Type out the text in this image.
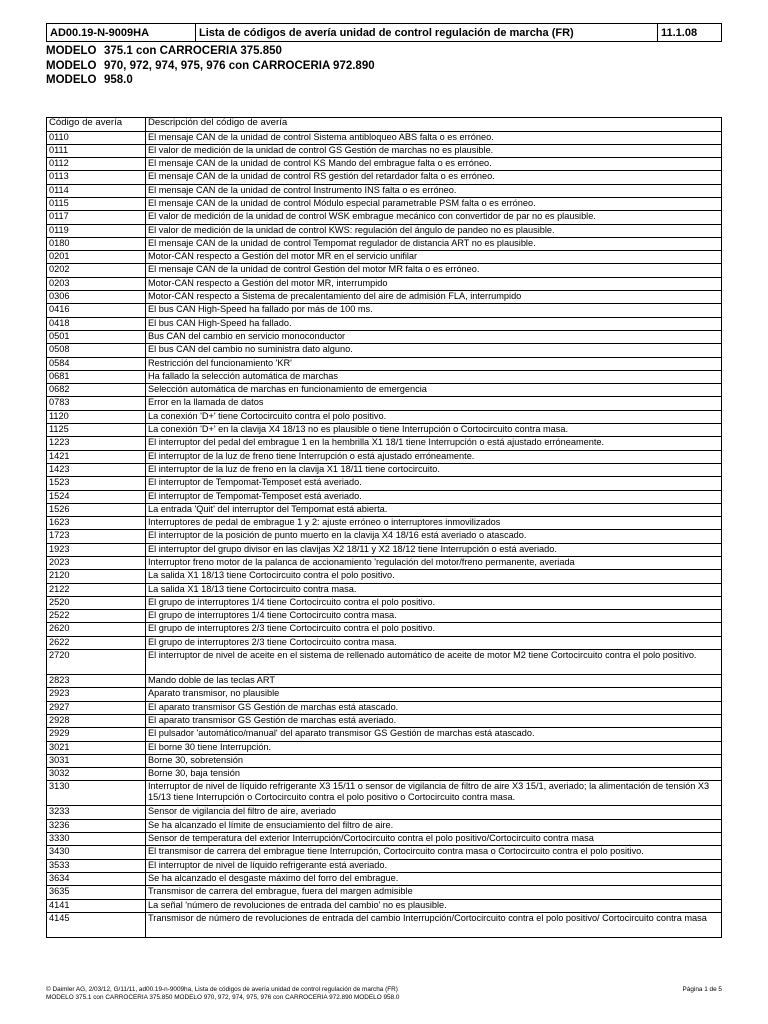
AD00.19-N-9009HA	Lista de códigos de avería unidad de control regulación de marcha (FR)	11.1.08
MODELO 375.1 con CARROCERIA 375.850
MODELO 970, 972, 974, 975, 976 con CARROCERIA 972.890
MODELO 958.0
Código de avería	Descripción del código de avería
0110	El mensaje CAN de la unidad de control Sistema antibloqueo ABS falta o es erróneo.
0111	El valor de medición de la unidad de control GS Gestión de marchas no es plausible.
0112	El mensaje CAN de la unidad de control KS Mando del embrague falta o es erróneo.
0113	El mensaje CAN de la unidad de control RS gestión del retardador falta o es erróneo.
0114	El mensaje CAN de la unidad de control Instrumento INS falta o es erróneo.
0115	El mensaje CAN de la unidad de control Módulo especial parametrable PSM falta o es erróneo.
0117	El valor de medición de la unidad de control WSK embrague mecánico con convertidor de par no es plausible.
0119	El valor de medición de la unidad de control KWS: regulación del ángulo de pandeo no es plausible.
0180	El mensaje CAN de la unidad de control Tempomat regulador de distancia ART no es plausible.
0201	Motor-CAN respecto a Gestión del motor MR en el servicio unifilar
0202	El mensaje CAN de la unidad de control Gestión del motor MR falta o es erróneo.
0203	Motor-CAN respecto a Gestión del motor MR, interrumpido
0306	Motor-CAN respecto a Sistema de precalentamiento del aire de admisión FLA, interrumpido
0416	El bus CAN High-Speed ha fallado por más de 100 ms.
0418	El bus CAN High-Speed ha fallado.
0501	Bus CAN del cambio en servicio monoconductor
0508	El bus CAN del cambio no suministra dato alguno.
0584	Restricción del funcionamiento 'KR'
0681	Ha fallado la selección automática de marchas
0682	Selección automática de marchas en funcionamiento de emergencia
0783	Error en la llamada de datos
1120	La conexión 'D+' tiene Cortocircuito contra el polo positivo.
1125	La conexión 'D+' en la clavija X4 18/13 no es plausible o tiene Interrupción o Cortocircuito contra masa.
1223	El interruptor del pedal del embrague 1 en la hembrilla X1 18/1 tiene Interrupción o está ajustado erróneamente.
1421	El interruptor de la luz de freno tiene Interrupción o está ajustado erróneamente.
1423	El interruptor de la luz de freno en la clavija X1 18/11 tiene cortocircuito.
1523	El interruptor de Tempomat-Temposet está averiado.
1524	El interruptor de Tempomat-Temposet está averiado.
1526	La entrada 'Quit' del interruptor del Tempomat está abierta.
1623	Interruptores de pedal de embrague 1 y 2: ajuste erróneo o interruptores inmovilizados
1723	El interruptor de la posición de punto muerto en la clavija X4 18/16 está averiado o atascado.
1923	El interruptor del grupo divisor en las clavijas X2 18/11 y X2 18/12 tiene Interrupción o está averiado.
2023	Interruptor freno motor de la palanca de accionamiento 'regulación del motor/freno permanente, averiada
2120	La salida X1 18/13 tiene Cortocircuito contra el polo positivo.
2122	La salida X1 18/13 tiene Cortocircuito contra masa.
2520	El grupo de interruptores 1/4 tiene Cortocircuito contra el polo positivo.
2522	El grupo de interruptores 1/4 tiene Cortocircuito contra masa.
2620	El grupo de interruptores 2/3 tiene Cortocircuito contra el polo positivo.
2622	El grupo de interruptores 2/3 tiene Cortocircuito contra masa.
2720	El interruptor de nivel de aceite en el sistema de rellenado automático de aceite de motor M2 tiene Cortocircuito contra el polo positivo.
2823	Mando doble de las teclas ART
2923	Aparato transmisor, no plausible
2927	El aparato transmisor GS Gestión de marchas está atascado.
2928	El aparato transmisor GS Gestión de marchas está averiado.
2929	El pulsador 'automático/manual' del aparato transmisor GS Gestión de marchas está atascado.
3021	El borne 30 tiene Interrupción.
3031	Borne 30, sobretensión
3032	Borne 30, baja tensión
3130	Interruptor de nivel de líquido refrigerante X3 15/11 o sensor de vigilancia de filtro de aire X3 15/1, averiado; la alimentación de tensión X3 15/13 tiene Interrupción o Cortocircuito contra el polo positivo o Cortocircuito contra masa.
3233	Sensor de vigilancia del filtro de aire, averiado
3236	Se ha alcanzado el límite de ensuciamiento del filtro de aire.
3330	Sensor de temperatura del exterior Interrupción/Cortocircuito contra el polo positivo/Cortocircuito contra masa
3430	El transmisor de carrera del embrague tiene Interrupción, Cortocircuito contra masa o Cortocircuito contra el polo positivo.
3533	El interruptor de nivel de líquido refrigerante está averiado.
3634	Se ha alcanzado el desgaste máximo del forro del embrague.
3635	Transmisor de carrera del embrague, fuera del margen admisible
4141	La señal 'número de revoluciones de entrada del cambio' no es plausible.
4145	Transmisor de número de revoluciones de entrada del cambio Interrupción/Cortocircuito contra el polo positivo/ Cortocircuito contra masa
© Daimler AG, 2/03/12, G/11/11, ad00.19-n-9009ha, Lista de códigos de avería unidad de control regulación de marcha (FR)	Página 1 de 5
MODELO 375.1 con CARROCERIA 375.850 MODELO 970, 972, 974, 975, 976 con CARROCERIA 972.890 MODELO 958.0
